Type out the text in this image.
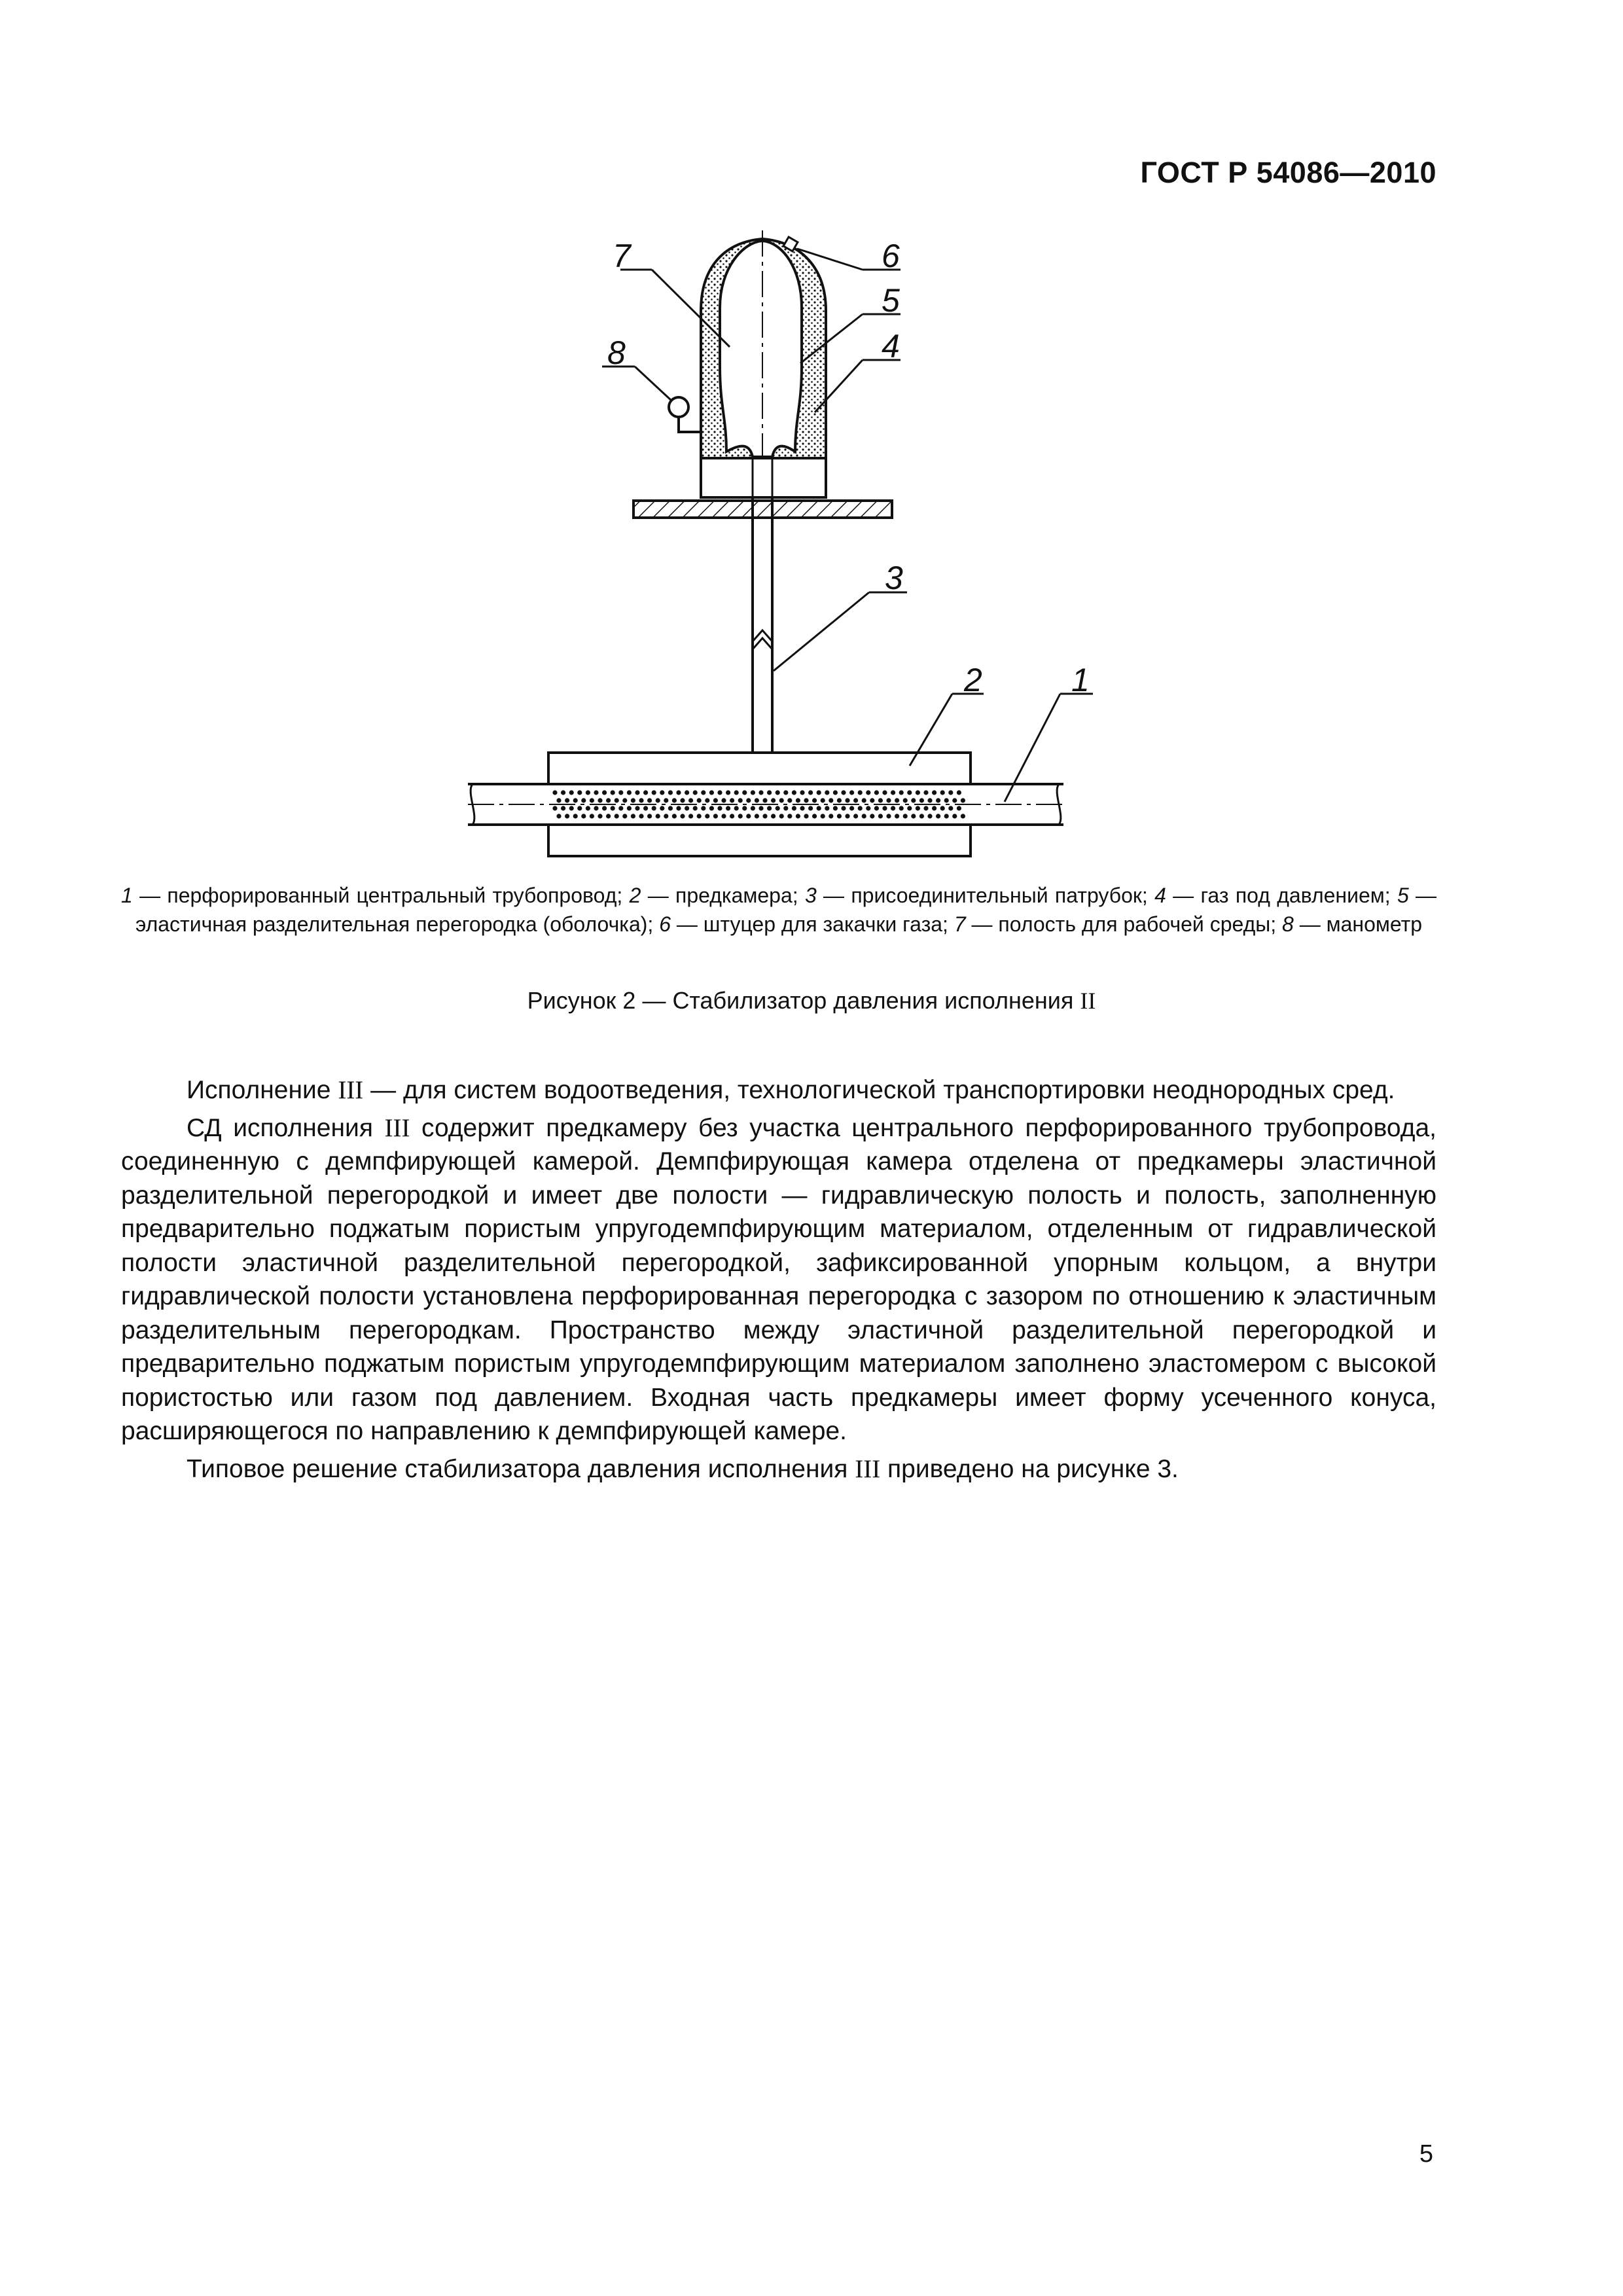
ГОСТ Р 54086—2010
7	6
5
4
8
3
2	1
1 — перфорированный центральный трубопровод; 2 — предкамера; 3 — присоединительный патрубок; 4 — газ под давлением; 5 — эластичная разделительная перегородка (оболочка); 6 — штуцер для закачки газа; 7 — полость для рабочей среды; 8 — манометр
Рисунок 2 — Стабилизатор давления исполнения II

Исполнение III — для систем водоотведения, технологической транспортировки неоднородных сред.

СД исполнения III содержит предкамеру без участка центрального перфорированного трубопровода, соединенную с демпфирующей камерой. Демпфирующая камера отделена от предкамеры эластичной разделительной перегородкой и имеет две полости — гидравлическую полость и полость, заполненную предварительно поджатым пористым упругодемпфирующим материалом, отделенным от гидравлической полости эластичной разделительной перегородкой, зафиксированной упорным кольцом, а внутри гидравлической полости установлена перфорированная перегородка с зазором по отношению к эластичным разделительным перегородкам. Пространство между эластичной разделительной перегородкой и предварительно поджатым пористым упругодемпфирующим материалом заполнено эластомером с высокой пористостью или газом под давлением. Входная часть предкамеры имеет форму усеченного конуса, расширяющегося по направлению к демпфирующей камере.

Типовое решение стабилизатора давления исполнения III приведено на рисунке 3.

5
